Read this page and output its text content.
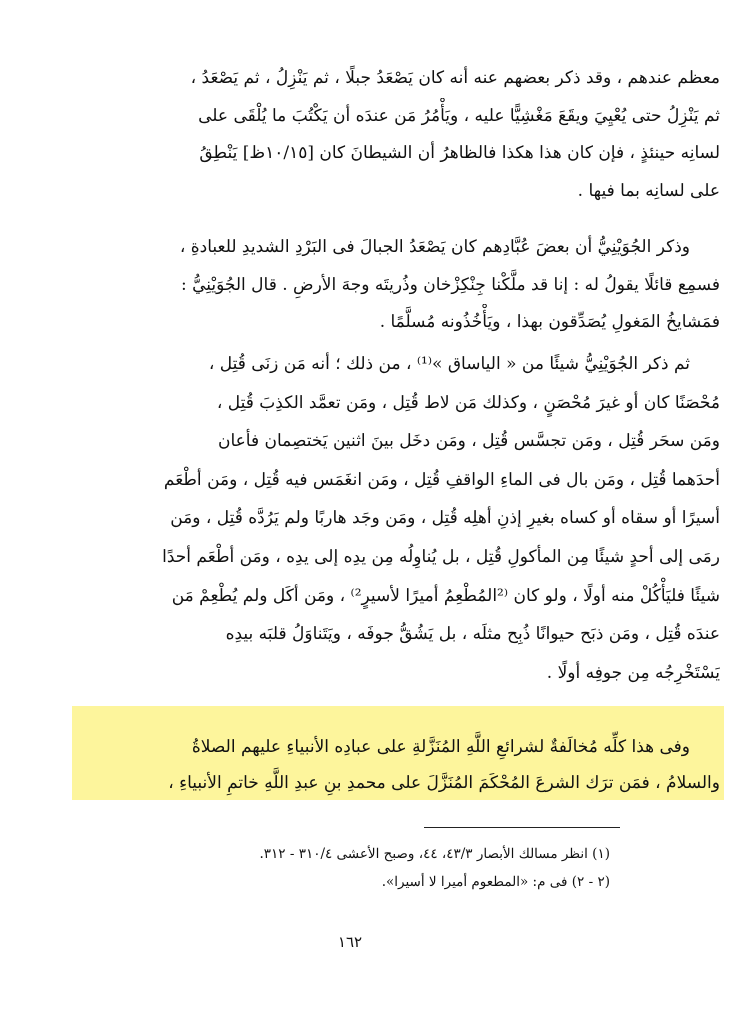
معظم عندهم ، وقد ذكر بعضهم عنه أنه كان يَصْعَدُ جبلًا ، ثم يَنْزِلُ ، ثم يَصْعَدُ ،
ثم يَنْزِلُ حتى يُعْيِيَ ويقَعَ مَغْشِيًّا عليه ، ويَأْمُرُ مَن عندَه أن يَكْتُبَ ما يُلْقَى على
لسانِه حينئذٍ ، فإن كان هذا هكذا فالظاهرُ أن الشيطانَ كان [١٠/١٥ظ] يَنْطِقُ
على لسانِه بما فيها .
وذكر الجُوَيْنِيُّ أن بعضَ عُبَّادِهم كان يَصْعَدُ الجبالَ فى البَرْدِ الشديدِ للعبادةِ ،
فسمِع قائلًا يقولُ له : إنا قد ملَّكْنا جِنْكِزْخان وذُريتَه وجهَ الأرضِ . قال الجُوَيْنِيُّ :
فمَشايخُ المَغولِ يُصَدِّقون بهذا ، ويَأْخُذُونه مُسلَّمًا .
ثم ذكر الجُوَيْنِيُّ شيئًا من « الياساق »⁽¹⁾ ، من ذلك ؛ أنه مَن زنَى قُتِل ،
مُحْصَنًا كان أو غيرَ مُحْصَنٍ ، وكذلك مَن لاط قُتِل ، ومَن تعمَّد الكذِبَ قُتِل ،
ومَن سحَر قُتِل ، ومَن تجسَّس قُتِل ، ومَن دخَل بينَ اثنين يَختصِمان فأعان
أحدَهما قُتِل ، ومَن بال فى الماءِ الواقفِ قُتِل ، ومَن انغَمَس فيه قُتِل ، ومَن أطْعَم
أسيرًا أو سقاه أو كساه بغيرِ إذنِ أهلِه قُتِل ، ومَن وجَد هاربًا ولم يَرُدَّه قُتِل ، ومَن
رمَى إلى أحدٍ شيئًا مِن المأكولِ قُتِل ، بل يُناوِلُه مِن يدِه إلى يدِه ، ومَن أطْعَم أحدًا
شيئًا فليَأْكُلْ منه أولًا ، ولو كان ⁽²المُطْعِمُ أميرًا لأسيرٍ²⁾ ، ومَن أكَل ولم يُطْعِمْ مَن
عندَه قُتِل ، ومَن ذبَح حيوانًا ذُبِح مثلَه ، بل يَشُقُّ جوفَه ، ويَتَناوَلُ قلبَه بيدِه
يَسْتَخْرِجُه مِن جوفِه أولًا .
وفى هذا كلِّه مُخالَفةٌ لشرائعِ اللَّهِ المُنَزَّلةِ على عبادِه الأنبياءِ عليهم الصلاةُ
والسلامُ ، فمَن ترَك الشرعَ المُحْكَمَ المُنَزَّلَ على محمدِ بنِ عبدِ اللَّهِ خاتمِ الأنبياءِ ،
(١) انظر مسالك الأبصار ٤٣/٣، ٤٤، وصبح الأعشى ٣١٠/٤ - ٣١٢.
(٢ - ٢) فى م: «المطعوم أميرا لا أسيرا».
١٦٢
